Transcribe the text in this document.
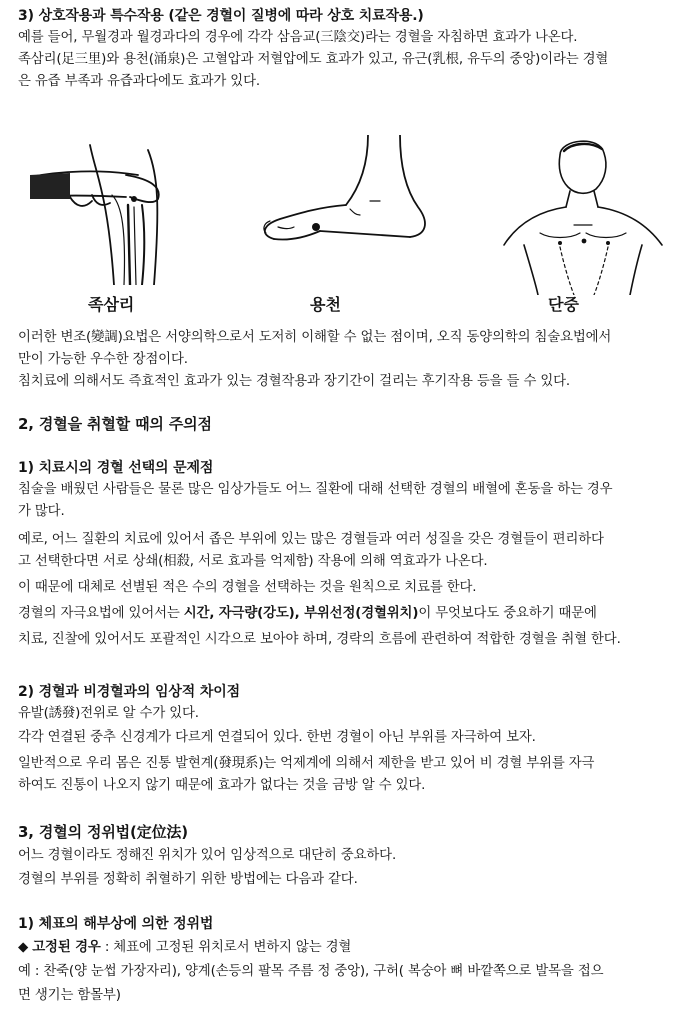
3) 상호작용과 특수작용 (같은 경혈이 질병에 따라 상호 치료작용.)
예를 들어, 무월경과 월경과다의 경우에 각각 삼음교(三陰交)라는 경혈을 자침하면 효과가 나온다.
족삼리(足三里)와 용천(涌泉)은 고혈압과 저혈압에도 효과가 있고, 유근(乳根, 유두의 중앙)이라는 경혈
은 유즙 부족과 유즙과다에도 효과가 있다.
족삼리	용천	단중
이러한 변조(變調)요법은 서양의학으로서 도저히 이해할 수 없는 점이며, 오직 동양의학의 침술요법에서
만이 가능한 우수한 장점이다.
침치료에 의해서도 즉효적인 효과가 있는 경혈작용과 장기간이 걸리는 후기작용 등을 들 수 있다.
2, 경혈을 취혈할 때의 주의점
1) 치료시의 경혈 선택의 문제점
침술을 배웠던 사람들은 물론 많은 임상가들도 어느 질환에 대해 선택한 경혈의 배혈에 혼동을 하는 경우
가 많다.
예로, 어느 질환의 치료에 있어서 좁은 부위에 있는 많은 경혈들과 여러 성질을 갖은 경혈들이 편리하다
고 선택한다면 서로 상쇄(相殺, 서로 효과를 억제함) 작용에 의해 역효과가 나온다.
이 때문에 대체로 선별된 적은 수의 경혈을 선택하는 것을 원칙으로 치료를 한다.
경혈의 자극요법에 있어서는 시간, 자극량(강도), 부위선정(경혈위치)이 무엇보다도 중요하기 때문에
치료, 진찰에 있어서도 포괄적인 시각으로 보아야 하며, 경락의 흐름에 관련하여 적합한 경혈을 취혈 한다.
2) 경혈과 비경혈과의 임상적 차이점
유발(誘發)전위로 알 수가 있다.
각각 연결된 중추 신경계가 다르게 연결되어 있다. 한번 경혈이 아닌 부위를 자극하여 보자.
일반적으로 우리 몸은 진통 발현계(發現系)는 억제계에 의해서 제한을 받고 있어 비 경혈 부위를 자극
하여도 진통이 나오지 않기 때문에 효과가 없다는 것을 금방 알 수 있다.
3, 경혈의 정위법(定位法)
어느 경혈이라도 정해진 위치가 있어 임상적으로 대단히 중요하다.
경혈의 부위를 정확히 취혈하기 위한 방법에는 다음과 같다.
1) 체표의 해부상에 의한 정위법
◆ 고정된 경우 : 체표에 고정된 위치로서 변하지 않는 경혈
예 : 찬죽(양 눈썹 가장자리), 양계(손등의 팔목 주름 정 중앙), 구허( 복숭아 뼈 바깥쪽으로 발목을 접으
면 생기는 함몰부)
